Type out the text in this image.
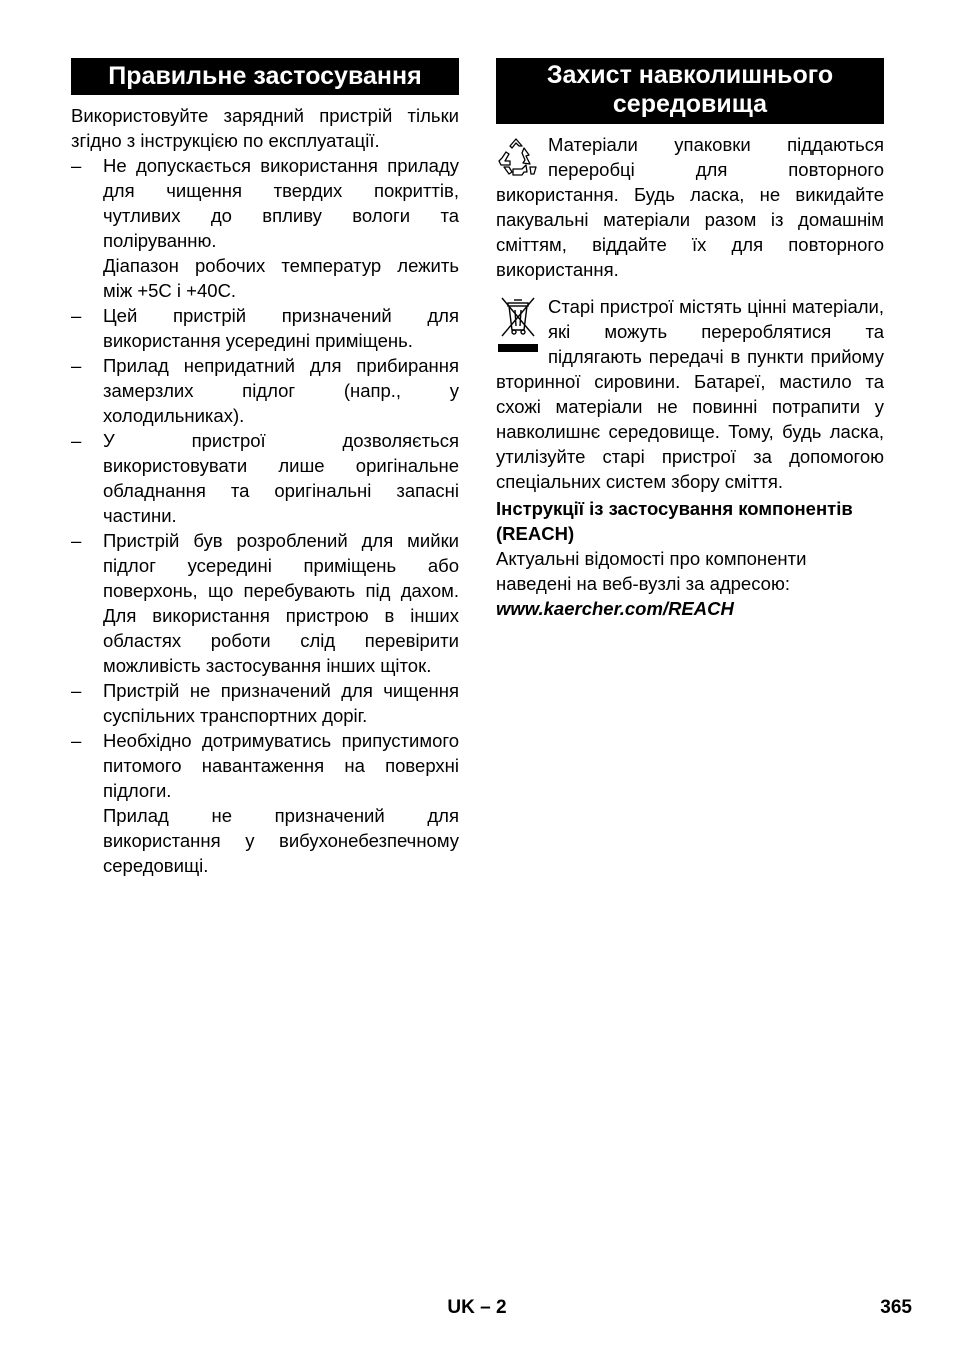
Правильне застосування

Використовуйте зарядний пристрій тільки згідно з інструкцією по експлуатації.

– Не допускається використання приладу для чищення твердих покриттів, чутливих до впливу вологи та поліруванню.

Діапазон робочих температур лежить між +5C і +40C.

– Цей пристрій призначений для використання усередині приміщень.

– Прилад непридатний для прибирання замерзлих підлог (напр., у холодильниках).

– У пристрої дозволяється використовувати лише оригінальне обладнання та оригінальні запасні частини.

– Пристрій був розроблений для мийки підлог усередині приміщень або поверхонь, що перебувають під дахом. Для використання пристрою в інших областях роботи слід перевірити можливість застосування інших щіток.

– Пристрій не призначений для чищення суспільних транспортних доріг.

– Необхідно дотримуватись припустимого питомого навантаження на поверхні підлоги.

Прилад не призначений для використання у вибухонебезпечному середовищі.

Захист навколишнього середовища

Матеріали упаковки піддаються переробці для повторного використання. Будь ласка, не викидайте пакувальні матеріали разом із домашнім сміттям, віддайте їх для повторного використання.

Старі пристрої містять цінні матеріали, які можуть перероблятися та підлягають передачі в пункти прийому вторинної сировини. Батареї, мастило та схожі матеріали не повинні потрапити у навколишнє середовище. Тому, будь ласка, утилізуйте старі пристрої за допомогою спеціальних систем збору сміття.

Інструкції із застосування компонентів (REACH)

Актуальні відомості про компоненти наведені на веб-вузлі за адресою:

www.kaercher.com/REACH

UK – 2	365
